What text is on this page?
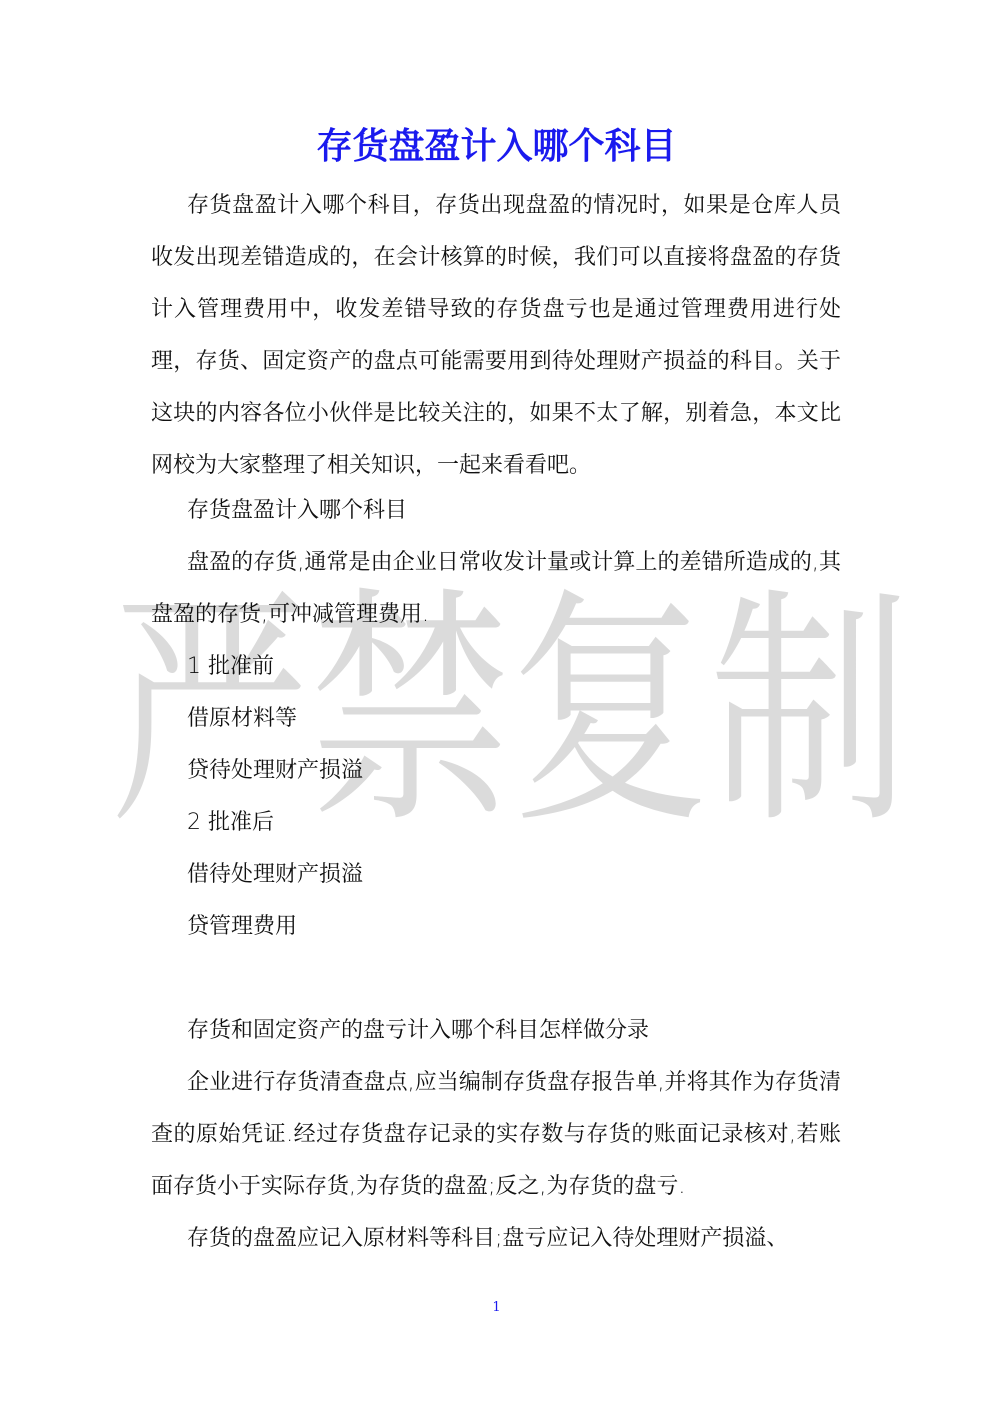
存货盘盈计入哪个科目

存货盘盈计入哪个科目，存货出现盘盈的情况时，如果是仓库人员收发出现差错造成的，在会计核算的时候，我们可以直接将盘盈的存货计入管理费用中，收发差错导致的存货盘亏也是通过管理费用进行处理，存货、固定资产的盘点可能需要用到待处理财产损益的科目。关于这块的内容各位小伙伴是比较关注的，如果不太了解，别着急，本文比网校为大家整理了相关知识，一起来看看吧。

存货盘盈计入哪个科目

盘盈的存货,通常是由企业日常收发计量或计算上的差错所造成的,其盘盈的存货,可冲减管理费用.

1 批准前

借原材料等

贷待处理财产损溢

2 批准后

借待处理财产损溢

贷管理费用

存货和固定资产的盘亏计入哪个科目怎样做分录

企业进行存货清查盘点,应当编制存货盘存报告单,并将其作为存货清查的原始凭证.经过存货盘存记录的实存数与存货的账面记录核对,若账面存货小于实际存货,为存货的盘盈;反之,为存货的盘亏.

存货的盘盈应记入原材料等科目;盘亏应记入待处理财产损溢、

严禁复制

1
